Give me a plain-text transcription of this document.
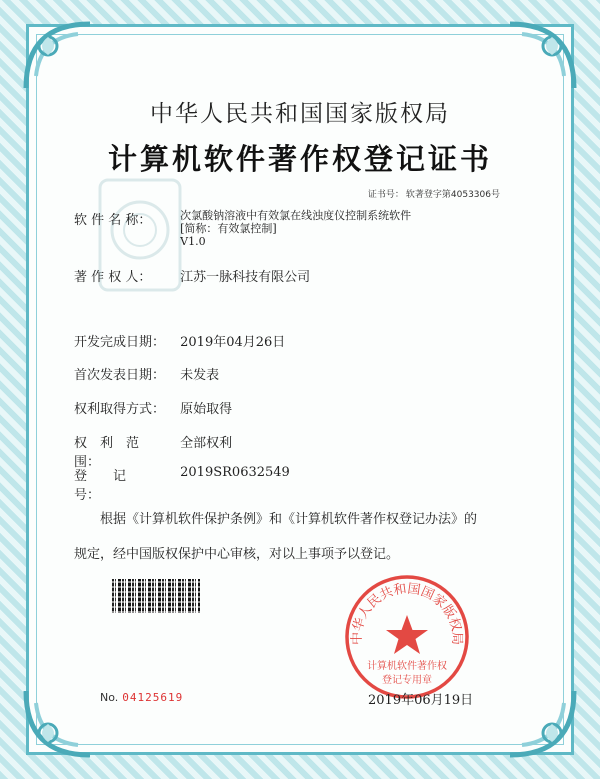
中华人民共和国国家版权局
计算机软件著作权登记证书
证书号： 软著登字第4053306号
软 件 名 称：	次氯酸钠溶液中有效氯在线浊度仪控制系统软件
[简称：有效氯控制]
V1.0
著 作 权 人： 江苏一脉科技有限公司
开发完成日期： 2019年04月26日
首次发表日期： 未发表
权利取得方式： 原始取得
权　利　范　围： 全部权利
登　　记　　号： 2019SR0632549
　　根据《计算机软件保护条例》和《计算机软件著作权登记办法》的
规定，经中国版权保护中心审核，对以上事项予以登记。
中华人民共和国国家版权局
计算机软件著作权
登记专用章
No. 04125619	2019年06月19日
